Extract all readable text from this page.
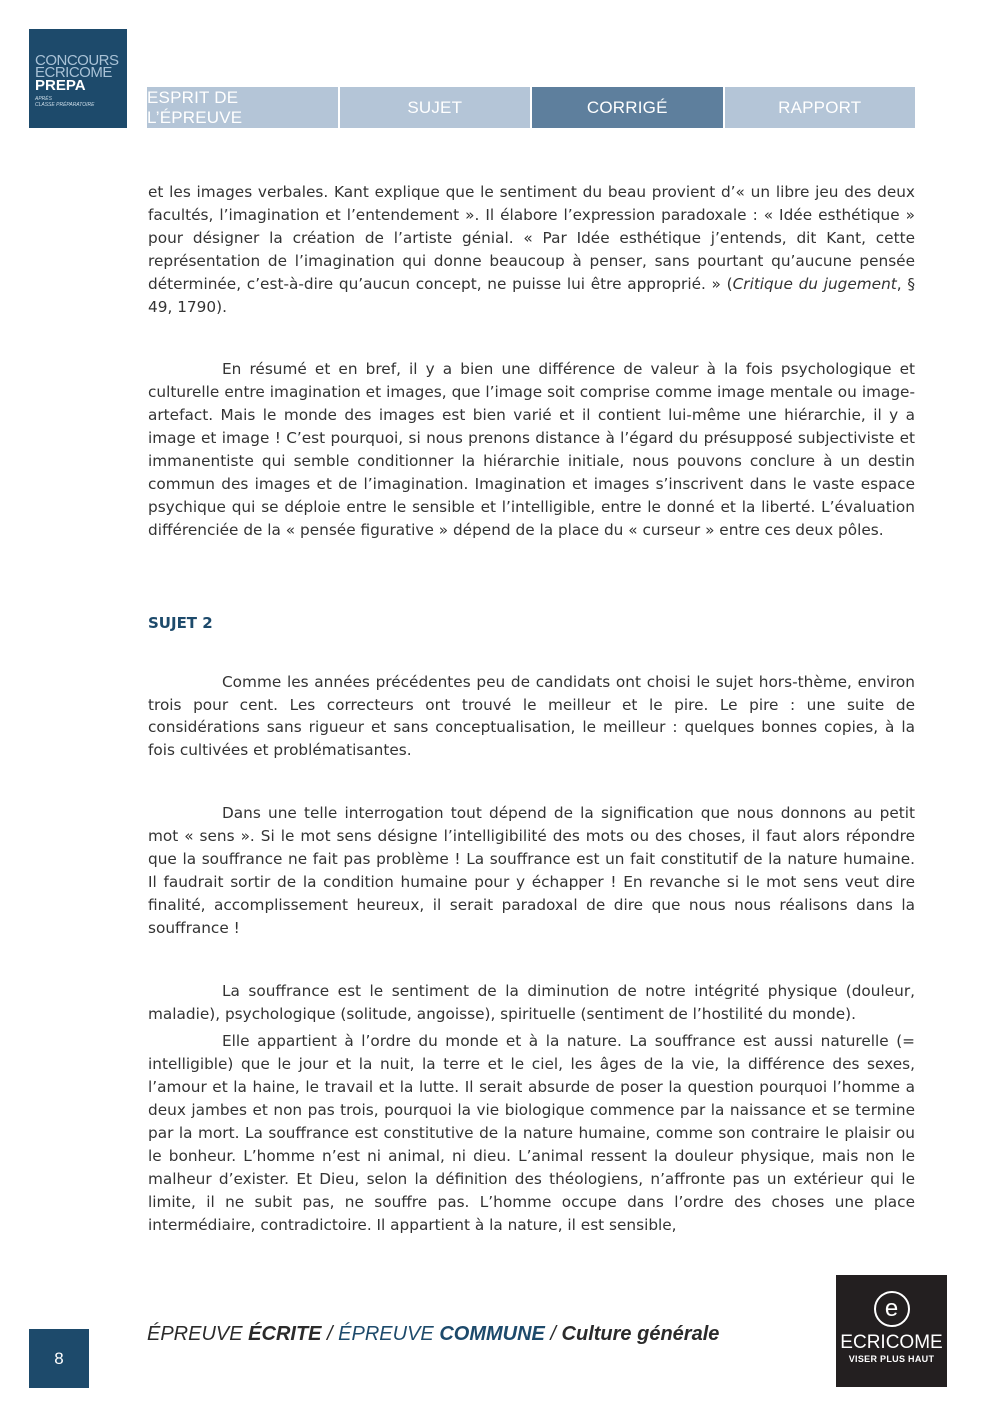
CONCOURS
ECRICOME
PREPA
APRÈS
CLASSE PRÉPARATOIRE	ESPRIT DE L’ÉPREUVE
SUJET	CORRIGÉ	RAPPORT

et les images verbales. Kant explique que le sentiment du beau provient d’« un libre jeu des deux facultés, l’imagination et l’entendement ». Il élabore l’expression paradoxale : « Idée esthétique » pour désigner la création de l’artiste génial. « Par Idée esthétique j’entends, dit Kant, cette représentation de l’imagination qui donne beaucoup à penser, sans pourtant qu’aucune pensée déterminée, c’est-à-dire qu’aucun concept, ne puisse lui être approprié. » (Critique du jugement, § 49, 1790).

En résumé et en bref, il y a bien une différence de valeur à la fois psychologique et culturelle entre imagination et images, que l’image soit comprise comme image mentale ou image-artefact. Mais le monde des images est bien varié et il contient lui-même une hiérarchie, il y a image et image ! C’est pourquoi, si nous prenons distance à l’égard du présupposé subjectiviste et immanentiste qui semble conditionner la hiérarchie initiale, nous pouvons conclure à un destin commun des images et de l’imagination. Imagination et images s’inscrivent dans le vaste espace psychique qui se déploie entre le sensible et l’intelligible, entre le donné et la liberté. L’évaluation différenciée de la « pensée figurative » dépend de la place du « curseur » entre ces deux pôles.

SUJET 2

Comme les années précédentes peu de candidats ont choisi le sujet hors-thème, environ trois pour cent. Les correcteurs ont trouvé le meilleur et le pire. Le pire : une suite de considérations sans rigueur et sans conceptualisation, le meilleur : quelques bonnes copies, à la fois cultivées et problématisantes.

Dans une telle interrogation tout dépend de la signification que nous donnons au petit mot « sens ». Si le mot sens désigne l’intelligibilité des mots ou des choses, il faut alors répondre que la souffrance ne fait pas problème ! La souffrance est un fait constitutif de la nature humaine. Il faudrait sortir de la condition humaine pour y échapper ! En revanche si le mot sens veut dire finalité, accomplissement heureux, il serait paradoxal de dire que nous nous réalisons dans la souffrance !

La souffrance est le sentiment de la diminution de notre intégrité physique (douleur, maladie), psychologique (solitude, angoisse), spirituelle (sentiment de l’hostilité du monde).

Elle appartient à l’ordre du monde et à la nature. La souffrance est aussi naturelle (= intelligible) que le jour et la nuit, la terre et le ciel, les âges de la vie, la différence des sexes, l’amour et la haine, le travail et la lutte. Il serait absurde de poser la question pourquoi l’homme a deux jambes et non pas trois, pourquoi la vie biologique commence par la naissance et se termine par la mort. La souffrance est constitutive de la nature humaine, comme son contraire le plaisir ou le bonheur. L’homme n’est ni animal, ni dieu. L’animal ressent la douleur physique, mais non le malheur d’exister. Et Dieu, selon la définition des théologiens, n’affronte pas un extérieur qui le limite, il ne subit pas, ne souffre pas. L’homme occupe dans l’ordre des choses une place intermédiaire, contradictoire. Il appartient à la nature, il est sensible,

8
ÉPREUVE ÉCRITE / ÉPREUVE COMMUNE / Culture générale
e
ECRICOME
VISER PLUS HAUT
